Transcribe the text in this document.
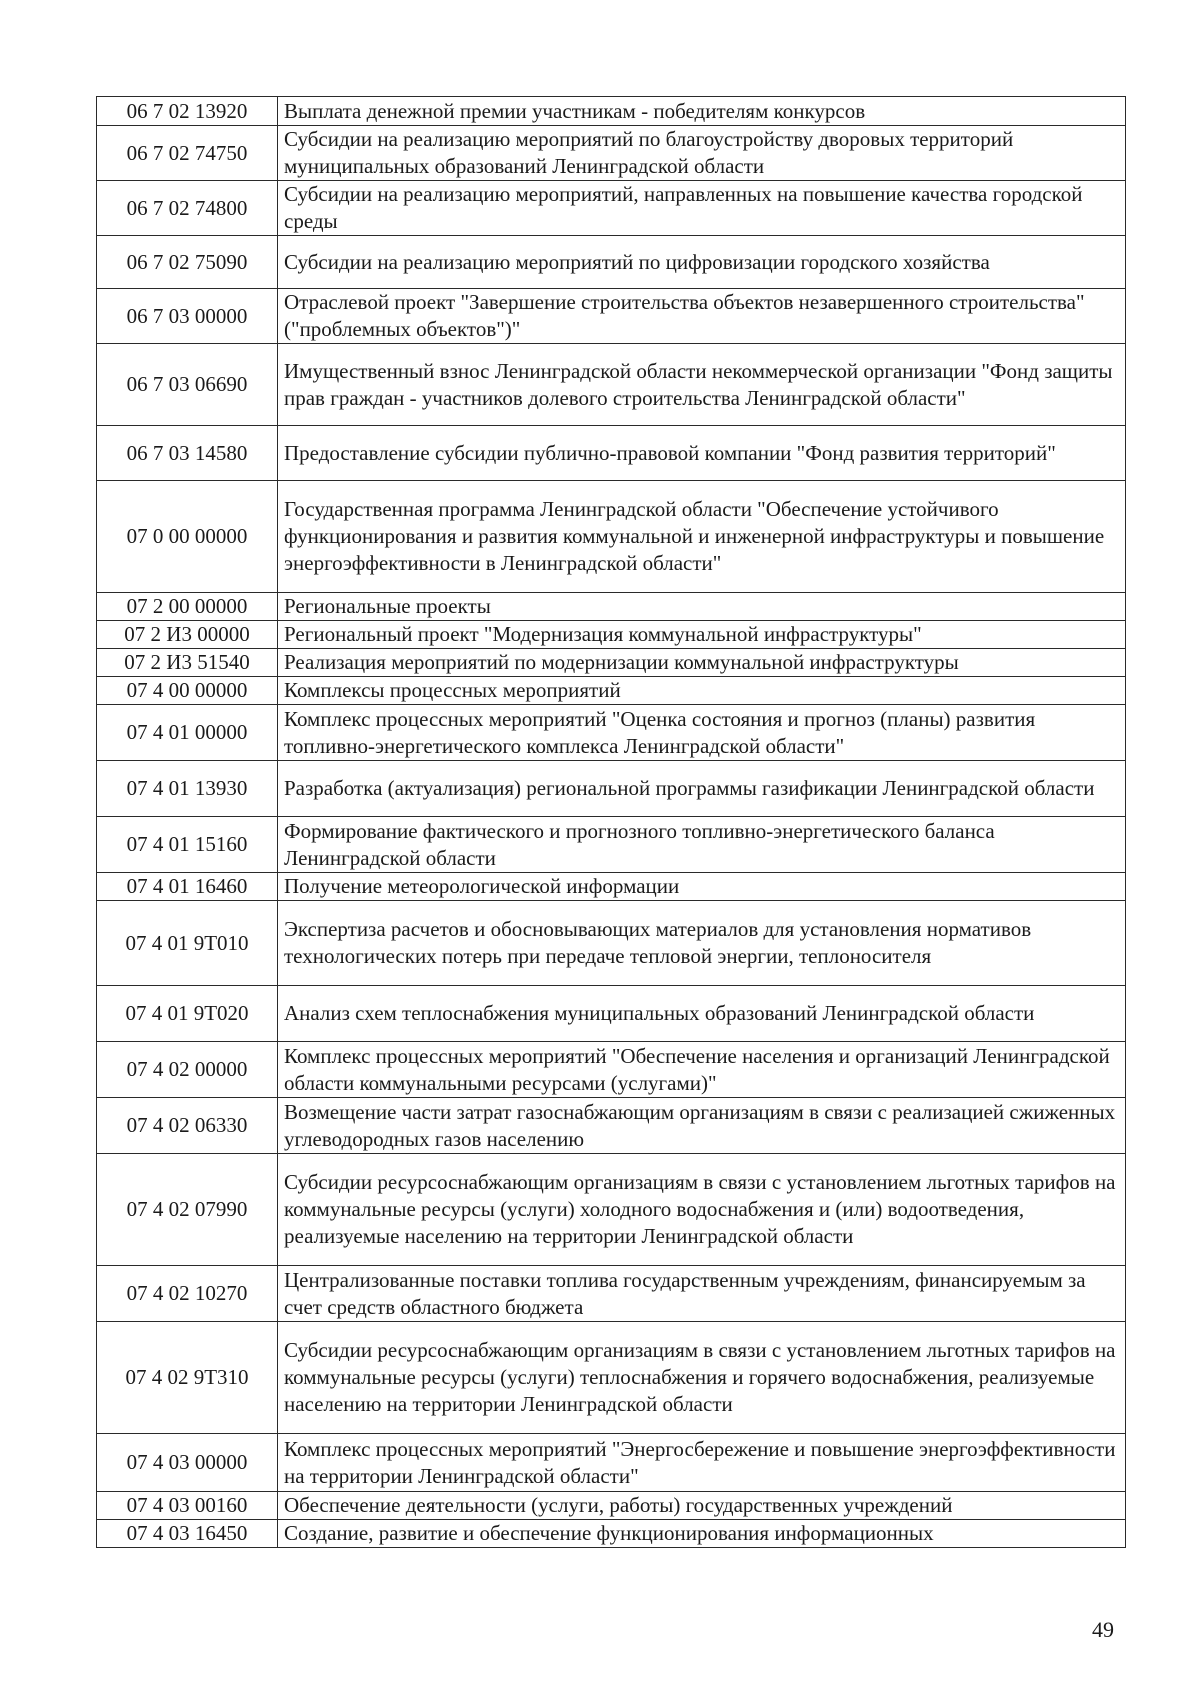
06 7 02 13920	Выплата денежной премии участникам - победителям конкурсов
06 7 02 74750	Субсидии на реализацию мероприятий по благоустройству дворовых территорий муниципальных образований Ленинградской области
06 7 02 74800	Субсидии на реализацию мероприятий, направленных на повышение качества городской среды
06 7 02 75090	Субсидии на реализацию мероприятий по цифровизации городского хозяйства
06 7 03 00000	Отраслевой проект "Завершение строительства объектов незавершенного строительства" ("проблемных объектов")"
06 7 03 06690	Имущественный взнос Ленинградской области некоммерческой организации "Фонд защиты прав граждан - участников долевого строительства Ленинградской области"
06 7 03 14580	Предоставление субсидии публично-правовой компании "Фонд развития территорий"
07 0 00 00000	Государственная программа Ленинградской области "Обеспечение устойчивого функционирования и развития коммунальной и инженерной инфраструктуры и повышение энергоэффективности в Ленинградской области"
07 2 00 00000	Региональные проекты
07 2 И3 00000	Региональный проект "Модернизация коммунальной инфраструктуры"
07 2 И3 51540	Реализация мероприятий по модернизации коммунальной инфраструктуры
07 4 00 00000	Комплексы процессных мероприятий
07 4 01 00000	Комплекс процессных мероприятий "Оценка состояния и прогноз (планы) развития топливно-энергетического комплекса Ленинградской области"
07 4 01 13930	Разработка (актуализация) региональной программы газификации Ленинградской области
07 4 01 15160	Формирование фактического и прогнозного топливно-энергетического баланса Ленинградской области
07 4 01 16460	Получение метеорологической информации
07 4 01 9Т010	Экспертиза расчетов и обосновывающих материалов для установления нормативов технологических потерь при передаче тепловой энергии, теплоносителя
07 4 01 9Т020	Анализ схем теплоснабжения муниципальных образований Ленинградской области
07 4 02 00000	Комплекс процессных мероприятий "Обеспечение населения и организаций Ленинградской области коммунальными ресурсами (услугами)"
07 4 02 06330	Возмещение части затрат газоснабжающим организациям в связи с реализацией сжиженных углеводородных газов населению
07 4 02 07990	Субсидии ресурсоснабжающим организациям в связи с установлением льготных тарифов на коммунальные ресурсы (услуги) холодного водоснабжения и (или) водоотведения, реализуемые населению на территории Ленинградской области
07 4 02 10270	Централизованные поставки топлива государственным учреждениям, финансируемым за счет средств областного бюджета
07 4 02 9Т310	Субсидии ресурсоснабжающим организациям в связи с установлением льготных тарифов на коммунальные ресурсы (услуги) теплоснабжения и горячего водоснабжения, реализуемые населению на территории Ленинградской области
07 4 03 00000	Комплекс процессных мероприятий "Энергосбережение и повышение энергоэффективности на территории Ленинградской области"
07 4 03 00160	Обеспечение деятельности (услуги, работы) государственных учреждений
07 4 03 16450	Создание, развитие и обеспечение функционирования информационных
49
